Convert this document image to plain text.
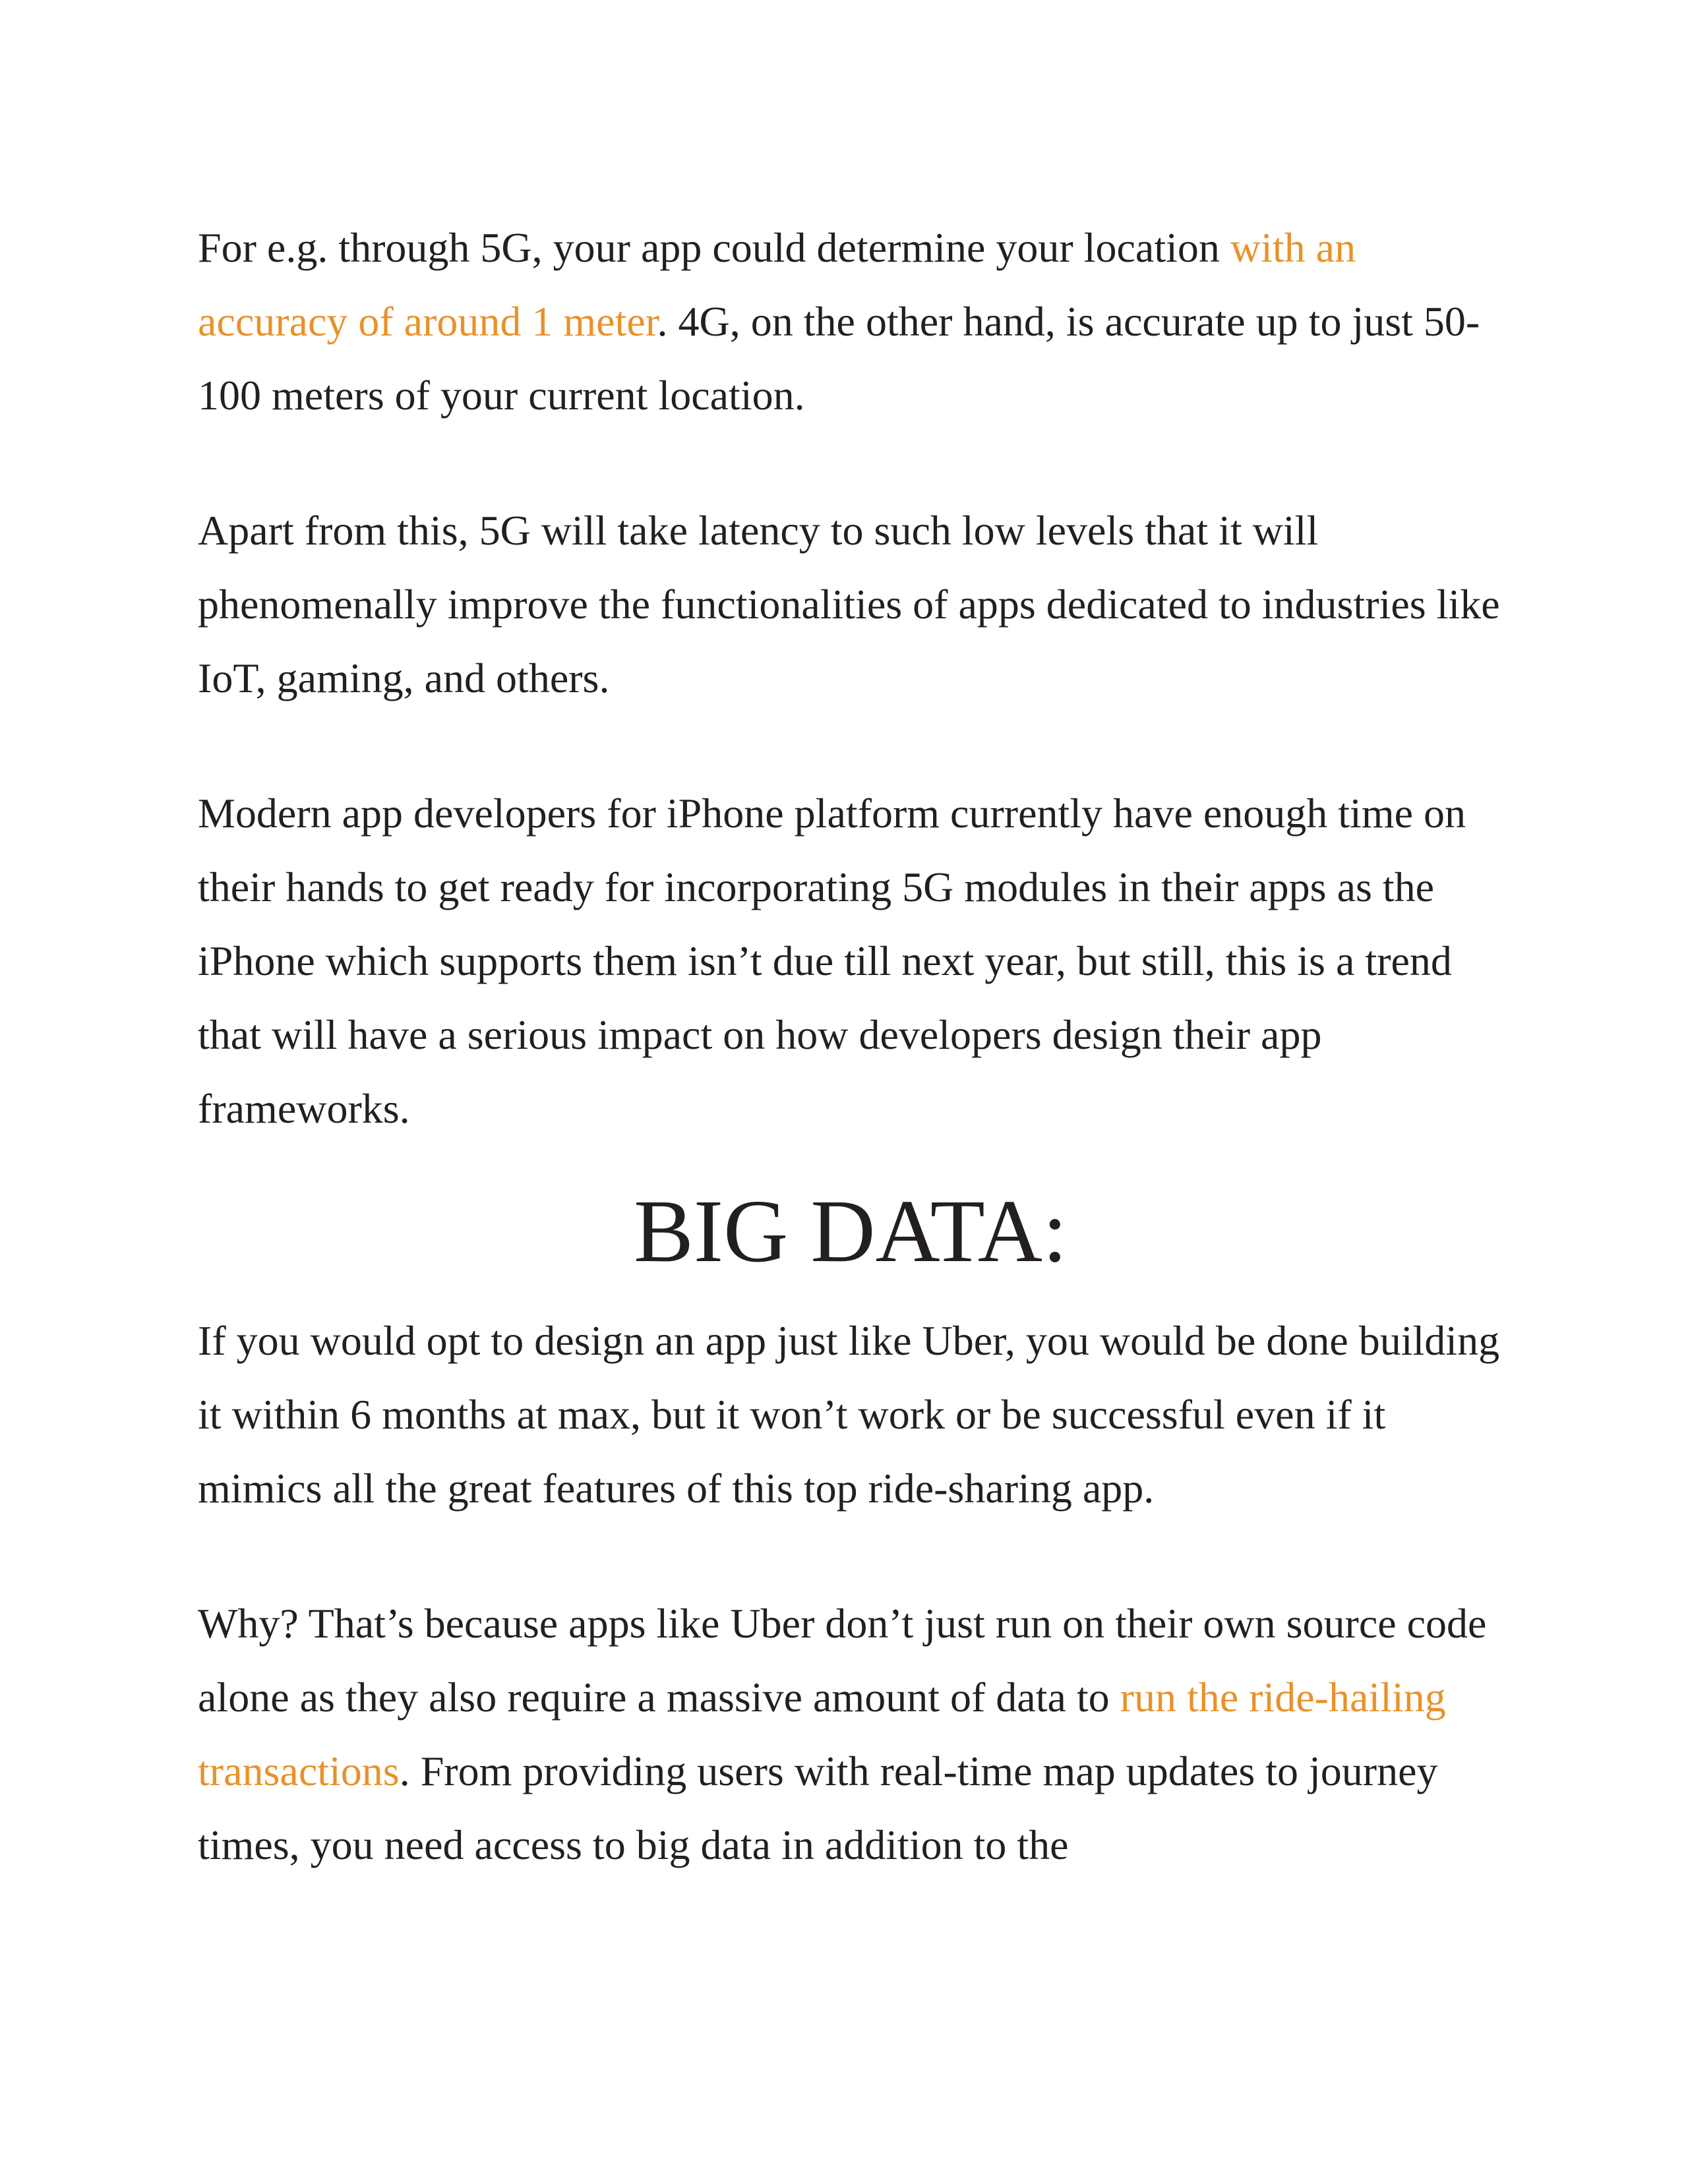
For e.g. through 5G, your app could determine your location with an accuracy of around 1 meter. 4G, on the other hand, is accurate up to just 50-100 meters of your current location.

Apart from this, 5G will take latency to such low levels that it will phenomenally improve the functionalities of apps dedicated to industries like IoT, gaming, and others.

Modern app developers for iPhone platform currently have enough time on their hands to get ready for incorporating 5G modules in their apps as the iPhone which supports them isn’t due till next year, but still, this is a trend that will have a serious impact on how developers design their app frameworks.

BIG DATA:

If you would opt to design an app just like Uber, you would be done building it within 6 months at max, but it won’t work or be successful even if it mimics all the great features of this top ride-sharing app.

Why? That’s because apps like Uber don’t just run on their own source code alone as they also require a massive amount of data to run the ride-hailing transactions. From providing users with real-time map updates to journey times, you need access to big data in addition to the
